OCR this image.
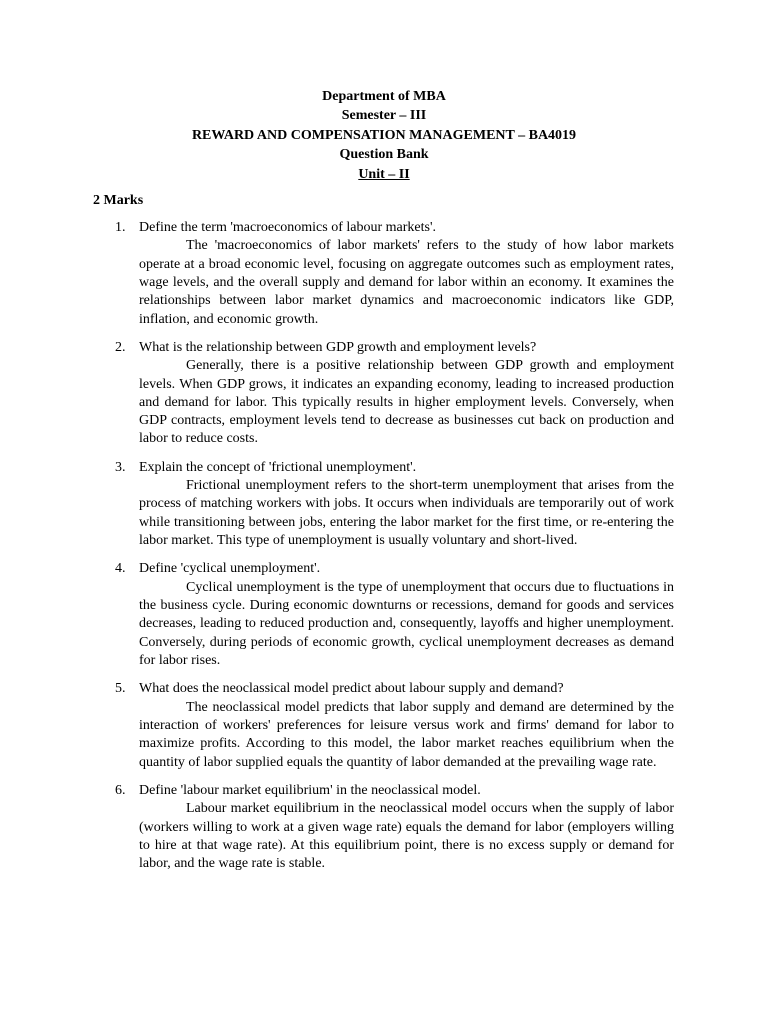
Department of MBA
Semester – III
REWARD AND COMPENSATION MANAGEMENT – BA4019
Question Bank
Unit – II
2 Marks
1. Define the term 'macroeconomics of labour markets'.
The 'macroeconomics of labor markets' refers to the study of how labor markets operate at a broad economic level, focusing on aggregate outcomes such as employment rates, wage levels, and the overall supply and demand for labor within an economy. It examines the relationships between labor market dynamics and macroeconomic indicators like GDP, inflation, and economic growth.
2. What is the relationship between GDP growth and employment levels?
Generally, there is a positive relationship between GDP growth and employment levels. When GDP grows, it indicates an expanding economy, leading to increased production and demand for labor. This typically results in higher employment levels. Conversely, when GDP contracts, employment levels tend to decrease as businesses cut back on production and labor to reduce costs.
3. Explain the concept of 'frictional unemployment'.
Frictional unemployment refers to the short-term unemployment that arises from the process of matching workers with jobs. It occurs when individuals are temporarily out of work while transitioning between jobs, entering the labor market for the first time, or re-entering the labor market. This type of unemployment is usually voluntary and short-lived.
4. Define 'cyclical unemployment'.
Cyclical unemployment is the type of unemployment that occurs due to fluctuations in the business cycle. During economic downturns or recessions, demand for goods and services decreases, leading to reduced production and, consequently, layoffs and higher unemployment. Conversely, during periods of economic growth, cyclical unemployment decreases as demand for labor rises.
5. What does the neoclassical model predict about labour supply and demand?
The neoclassical model predicts that labor supply and demand are determined by the interaction of workers' preferences for leisure versus work and firms' demand for labor to maximize profits. According to this model, the labor market reaches equilibrium when the quantity of labor supplied equals the quantity of labor demanded at the prevailing wage rate.
6. Define 'labour market equilibrium' in the neoclassical model.
Labour market equilibrium in the neoclassical model occurs when the supply of labor (workers willing to work at a given wage rate) equals the demand for labor (employers willing to hire at that wage rate). At this equilibrium point, there is no excess supply or demand for labor, and the wage rate is stable.
